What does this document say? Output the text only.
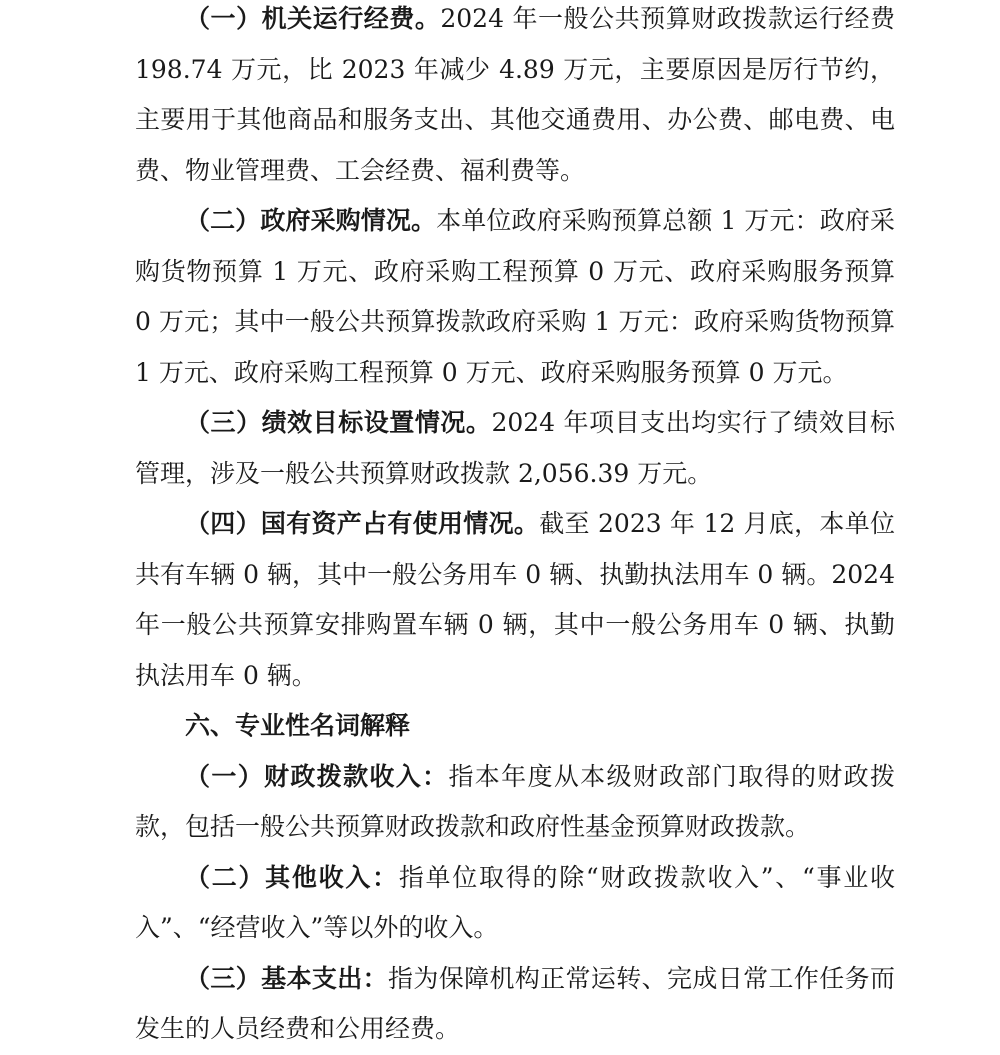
（一）机关运行经费。2024 年一般公共预算财政拨款运行经费 198.74 万元，比 2023 年减少 4.89 万元，主要原因是厉行节约，主要用于其他商品和服务支出、其他交通费用、办公费、邮电费、电费、物业管理费、工会经费、福利费等。

（二）政府采购情况。本单位政府采购预算总额 1 万元：政府采购货物预算 1 万元、政府采购工程预算 0 万元、政府采购服务预算 0 万元；其中一般公共预算拨款政府采购 1 万元：政府采购货物预算 1 万元、政府采购工程预算 0 万元、政府采购服务预算 0 万元。

（三）绩效目标设置情况。2024 年项目支出均实行了绩效目标管理，涉及一般公共预算财政拨款 2,056.39 万元。

（四）国有资产占有使用情况。截至 2023 年 12 月底，本单位共有车辆 0 辆，其中一般公务用车 0 辆、执勤执法用车 0 辆。2024 年一般公共预算安排购置车辆 0 辆，其中一般公务用车 0 辆、执勤执法用车 0 辆。

六、专业性名词解释

（一）财政拨款收入：指本年度从本级财政部门取得的财政拨款，包括一般公共预算财政拨款和政府性基金预算财政拨款。

（二）其他收入：指单位取得的除“财政拨款收入”、“事业收入”、“经营收入”等以外的收入。

（三）基本支出：指为保障机构正常运转、完成日常工作任务而发生的人员经费和公用经费。
